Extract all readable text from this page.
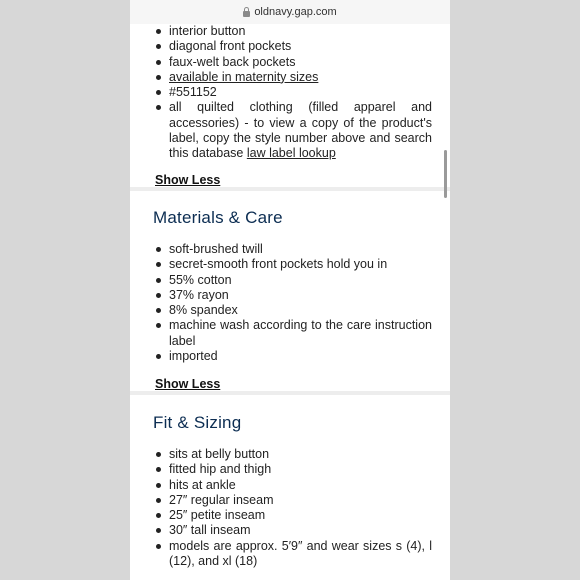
oldnavy.gap.com
interior button
diagonal front pockets
faux-welt back pockets
available in maternity sizes
#551152
all quilted clothing (filled apparel and accessories) - to view a copy of the product's label, copy the style number above and search this database law label lookup
Show Less
Materials & Care
soft-brushed twill
secret-smooth front pockets hold you in
55% cotton
37% rayon
8% spandex
machine wash according to the care instruction label
imported
Show Less
Fit & Sizing
sits at belly button
fitted hip and thigh
hits at ankle
27″ regular inseam
25″ petite inseam
30″ tall inseam
models are approx. 5′9″ and wear sizes s (4), l (12), and xl (18)
